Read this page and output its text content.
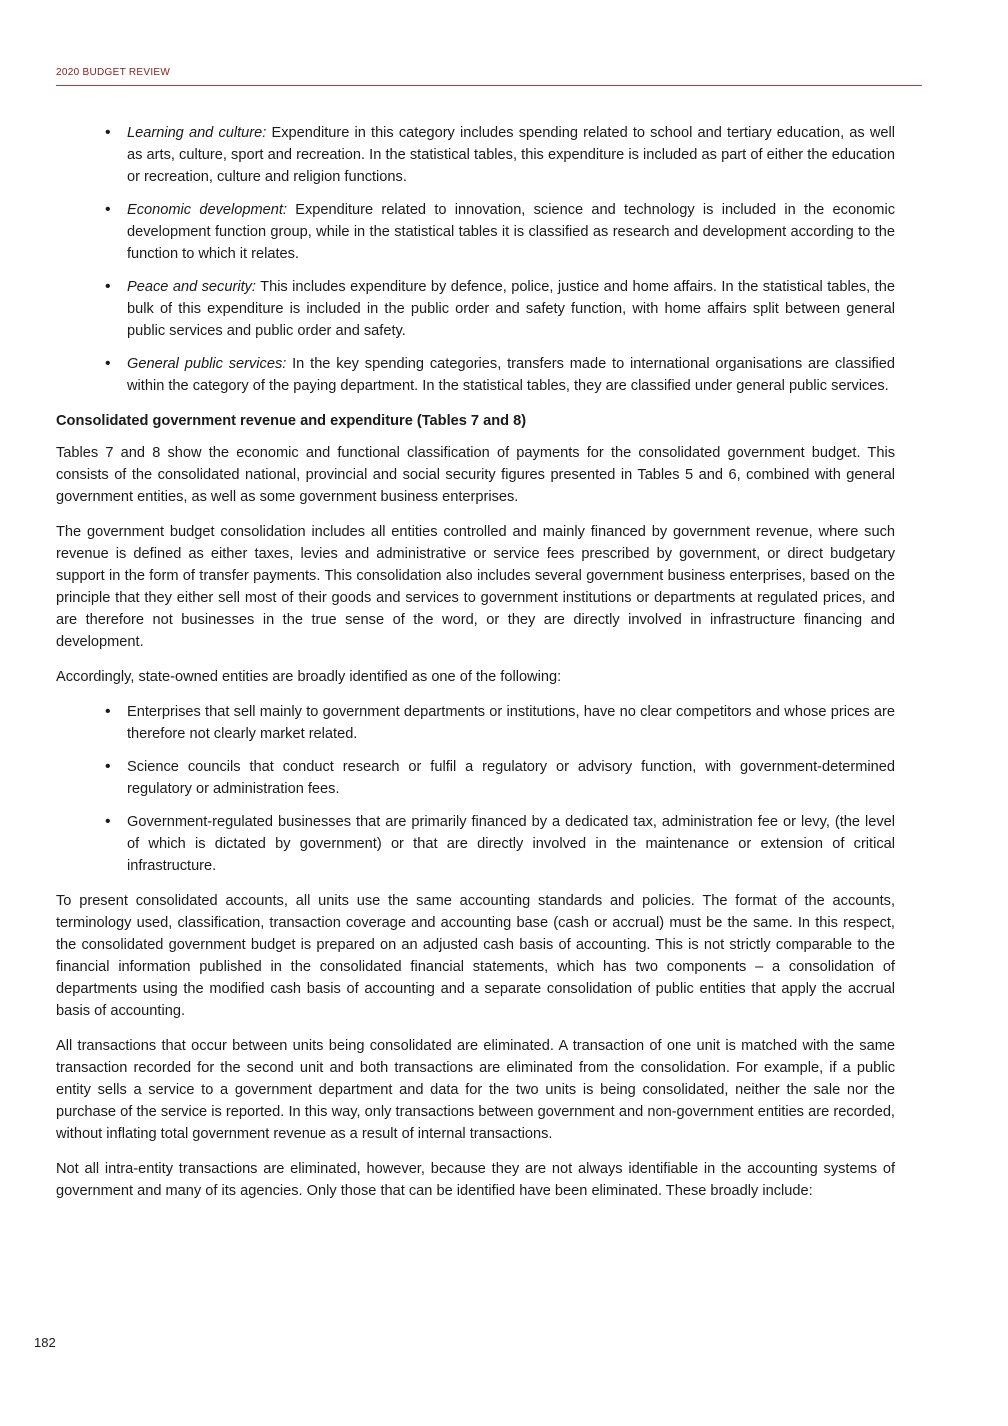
2020 BUDGET REVIEW
• Learning and culture: Expenditure in this category includes spending related to school and tertiary education, as well as arts, culture, sport and recreation. In the statistical tables, this expenditure is included as part of either the education or recreation, culture and religion functions.
• Economic development: Expenditure related to innovation, science and technology is included in the economic development function group, while in the statistical tables it is classified as research and development according to the function to which it relates.
• Peace and security: This includes expenditure by defence, police, justice and home affairs. In the statistical tables, the bulk of this expenditure is included in the public order and safety function, with home affairs split between general public services and public order and safety.
• General public services: In the key spending categories, transfers made to international organisations are classified within the category of the paying department. In the statistical tables, they are classified under general public services.
Consolidated government revenue and expenditure (Tables 7 and 8)

Tables 7 and 8 show the economic and functional classification of payments for the consolidated government budget. This consists of the consolidated national, provincial and social security figures presented in Tables 5 and 6, combined with general government entities, as well as some government business enterprises.

The government budget consolidation includes all entities controlled and mainly financed by government revenue, where such revenue is defined as either taxes, levies and administrative or service fees prescribed by government, or direct budgetary support in the form of transfer payments. This consolidation also includes several government business enterprises, based on the principle that they either sell most of their goods and services to government institutions or departments at regulated prices, and are therefore not businesses in the true sense of the word, or they are directly involved in infrastructure financing and development.

Accordingly, state-owned entities are broadly identified as one of the following:

• Enterprises that sell mainly to government departments or institutions, have no clear competitors and whose prices are therefore not clearly market related.
• Science councils that conduct research or fulfil a regulatory or advisory function, with government-determined regulatory or administration fees.
• Government-regulated businesses that are primarily financed by a dedicated tax, administration fee or levy, (the level of which is dictated by government) or that are directly involved in the maintenance or extension of critical infrastructure.

To present consolidated accounts, all units use the same accounting standards and policies. The format of the accounts, terminology used, classification, transaction coverage and accounting base (cash or accrual) must be the same. In this respect, the consolidated government budget is prepared on an adjusted cash basis of accounting. This is not strictly comparable to the financial information published in the consolidated financial statements, which has two components – a consolidation of departments using the modified cash basis of accounting and a separate consolidation of public entities that apply the accrual basis of accounting.

All transactions that occur between units being consolidated are eliminated. A transaction of one unit is matched with the same transaction recorded for the second unit and both transactions are eliminated from the consolidation. For example, if a public entity sells a service to a government department and data for the two units is being consolidated, neither the sale nor the purchase of the service is reported. In this way, only transactions between government and non-government entities are recorded, without inflating total government revenue as a result of internal transactions.

Not all intra-entity transactions are eliminated, however, because they are not always identifiable in the accounting systems of government and many of its agencies. Only those that can be identified have been eliminated. These broadly include:

182
